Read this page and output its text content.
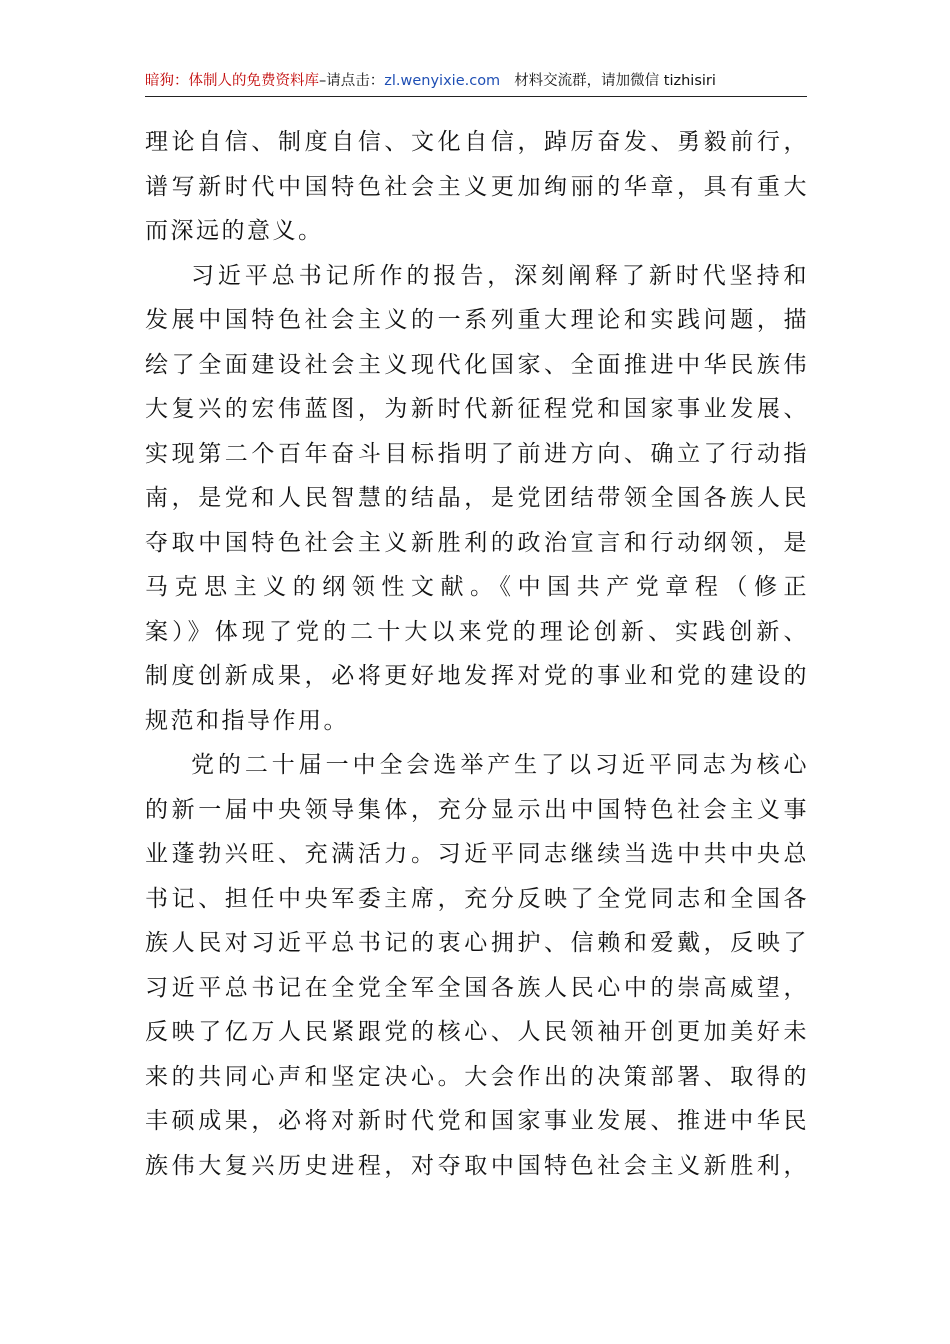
暗狗：体制人的免费资料库–请点击：zl.wenyixie.com 材料交流群，请加微信 tizhisiri
理论自信、制度自信、文化自信，踔厉奋发、勇毅前行，
谱写新时代中国特色社会主义更加绚丽的华章，具有重大
而深远的意义。
习近平总书记所作的报告，深刻阐释了新时代坚持和
发展中国特色社会主义的一系列重大理论和实践问题，描
绘了全面建设社会主义现代化国家、全面推进中华民族伟
大复兴的宏伟蓝图，为新时代新征程党和国家事业发展、
实现第二个百年奋斗目标指明了前进方向、确立了行动指
南，是党和人民智慧的结晶，是党团结带领全国各族人民
夺取中国特色社会主义新胜利的政治宣言和行动纲领，是
马克思主义的纲领性文献。《中国共产党章程（修正
案）》体现了党的二十大以来党的理论创新、实践创新、
制度创新成果，必将更好地发挥对党的事业和党的建设的
规范和指导作用。
党的二十届一中全会选举产生了以习近平同志为核心
的新一届中央领导集体，充分显示出中国特色社会主义事
业蓬勃兴旺、充满活力。习近平同志继续当选中共中央总
书记、担任中央军委主席，充分反映了全党同志和全国各
族人民对习近平总书记的衷心拥护、信赖和爱戴，反映了
习近平总书记在全党全军全国各族人民心中的崇高威望，
反映了亿万人民紧跟党的核心、人民领袖开创更加美好未
来的共同心声和坚定决心。大会作出的决策部署、取得的
丰硕成果，必将对新时代党和国家事业发展、推进中华民
族伟大复兴历史进程，对夺取中国特色社会主义新胜利，
